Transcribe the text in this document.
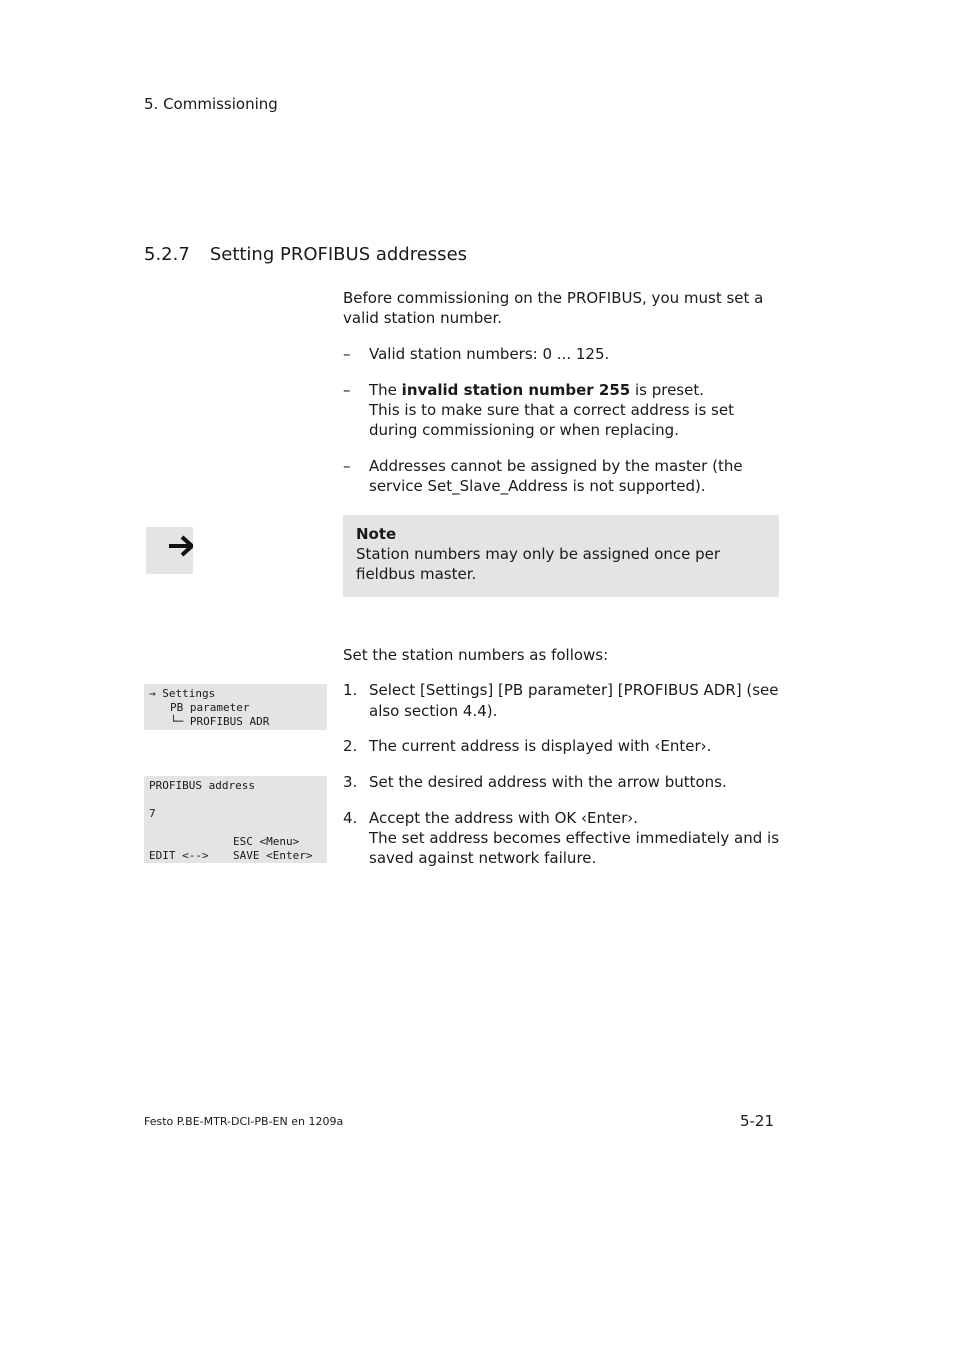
5. Commissioning
5.2.7 Setting PROFIBUS addresses
Before commissioning on the PROFIBUS, you must set a valid station number.
– Valid station numbers: 0 ... 125.
– The invalid station number 255 is preset.
This is to make sure that a correct address is set during commissioning or when replacing.
– Addresses cannot be assigned by the master (the service Set_Slave_Address is not supported).
Note
Station numbers may only be assigned once per fieldbus master.
Set the station numbers as follows:
1. Select [Settings] [PB parameter] [PROFIBUS ADR] (see also section 4.4).
2. The current address is displayed with ‹Enter›.
3. Set the desired address with the arrow buttons.
4. Accept the address with OK ‹Enter›.
The set address becomes effective immediately and is saved against network failure.
→ Settings
PB parameter
└─ PROFIBUS ADR
PROFIBUS address
7
ESC <Menu>
EDIT <--> SAVE <Enter>
Festo P.BE-MTR-DCI-PB-EN en 1209a	5-21
